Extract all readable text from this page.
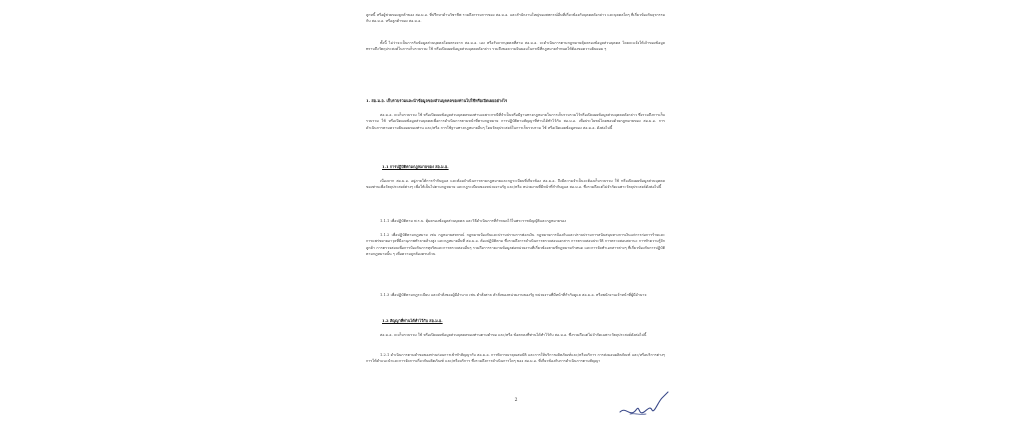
ลูกหนี้ หรือผู้ช่วยของลูกค้าของ สอ.ม.อ. ที่ปรึกษาด้านวิชาชีพ รวมถึงกรรมการของ สอ.ม.อ. และสำนักงานใหญ่ของสหกรณ์อื่นที่เกี่ยวข้องกับบุคคลดังกล่าว และบุคคลใดๆ ที่เกี่ยวข้องกับธุรกรรมกับ สอ.ม.อ. หรือลูกค้าของ สอ.ม.อ.
ทั้งนี้ ไม่ว่าจะเป็นการรับข้อมูลส่วนบุคคลโดยตรงจาก สอ.ม.อ. เอง หรือรับจากบุคคลที่สาม สอ.ม.อ. จะดำเนินการตามกฎหมายคุ้มครองข้อมูลส่วนบุคคล โดยจะแจ้งให้เจ้าของข้อมูลทราบถึงวัตถุประสงค์ในการเก็บรวบรวม ใช้ หรือเปิดเผยข้อมูลส่วนบุคคลดังกล่าว รวมถึงขอความยินยอมในกรณีที่กฎหมายกำหนดให้ต้องขอความยินยอม ๆ
1. สอ.ม.อ. เก็บรวบรวมและนำข้อมูลของส่วนบุคคลของท่านไปใช้หรือเปิดเผยอย่างไร
สอ.ม.อ. จะเก็บรวบรวม ใช้ หรือเปิดเผยข้อมูลส่วนบุคคลของท่านเฉพาะกรณีที่จำเป็นหรือมีฐานทางกฎหมายในการเก็บรวบรวมไว้หรือเปิดเผยข้อมูลส่วนบุคคลดังกล่าว ซึ่งรวมถึงการเก็บรวบรวม ใช้ หรือเปิดเผยข้อมูลส่วนบุคคลเพื่อการดำเนินการตามหน้าที่ตามกฎหมาย การปฏิบัติตามสัญญาที่ท่านได้ทำไว้กับ สอ.ม.อ. เพื่อประโยชน์โดยชอบด้วยกฎหมายของ สอ.ม.อ. การดำเนินการตามความยินยอมของท่าน และ/หรือ การใช้ฐานทางกฎหมายอื่นๆ โดยวัตถุประสงค์ในการเก็บรวบรวม ใช้ หรือเปิดเผยข้อมูลของ สอ.ม.อ. ดังต่อไปนี้
1.1 การปฏิบัติตามกฎหมายของ สอ.ม.อ.
เนื่องจาก สอ.ม.อ. อยู่ภายใต้การกำกับดูแล และต้องดำเนินการตามกฎหมายและกฎระเบียบที่เกี่ยวข้อง สอ.ม.อ. จึงมีความจำเป็นจะต้องเก็บรวบรวม ใช้ หรือเปิดเผยข้อมูลส่วนบุคคลของท่านเพื่อวัตถุประสงค์ต่างๆ เพื่อให้เป็นไปตามกฎหมาย และกฎระเบียบของหน่วยงานรัฐ และ/หรือ หน่วยงานที่มีหน้าที่กำกับดูแล สอ.ม.อ. ซึ่งรวมถึงแต่ไม่จำกัดเฉพาะวัตถุประสงค์ดังต่อไปนี้
1.1.1 เพื่อปฏิบัติตาม พ.ร.บ. คุ้มครองข้อมูลส่วนบุคคล และวิธีดำเนินการที่กำหนดไว้ในพระราชบัญญัติและกฎหมายรอง
1.1.2 เพื่อปฏิบัติตามกฎหมาย เช่น กฎหมายสหกรณ์ กฎหมายป้องกันและปราบปรามการฟอกเงิน กฎหมายการป้องกันและปราบปรามการสนับสนุนทางการเงินแก่การก่อการร้ายและการแพร่ขยายอาวุธที่มีอานุภาพทำลายล้างสูง และกฎหมายอื่นที่ สอ.ม.อ. ต้องปฏิบัติตาม ซึ่งรวมถึงการดำเนินการตรวจสอบเอกสาร การตรวจสอบประวัติ การตรวจสอบสถานะ การทำความรู้จักลูกค้า การตรวจสอบเพื่อการป้องกันการทุจริตและการตรวจสอบอื่นๆ รวมถึงการรายงานข้อมูลต่อหน่วยงานที่เกี่ยวข้องตามที่กฎหมายกำหนด และการจัดทำเอกสารต่างๆ ที่เกี่ยวข้องกับการปฏิบัติตามกฎหมายนั้น ๆ เพื่อความถูกต้องครบถ้วน
1.1.3 เพื่อปฏิบัติตามกฎระเบียบ และคำสั่งของผู้มีอำนาจ เช่น คำสั่งศาล คำสั่งของหน่วยงานของรัฐ หน่วยงานที่มีหน้าที่กำกับดูแล สอ.ม.อ. หรือพนักงานเจ้าหน้าที่ผู้มีอำนาจ
1.2 สัญญาที่ท่านได้ทำไว้กับ สอ.ม.อ.
สอ.ม.อ. จะเก็บรวบรวม ใช้ หรือเปิดเผยข้อมูลส่วนบุคคลของท่านตามคำขอ และ/หรือ ข้อตกลงที่ท่านได้ทำไว้กับ สอ.ม.อ. ซึ่งรวมถึงแต่ไม่จำกัดเฉพาะวัตถุประสงค์ดังต่อไปนี้
1.2.1 ดำเนินการตามคำขอของท่านก่อนการเข้าทำสัญญากับ สอ.ม.อ. การพิจารณาคุณสมบัติ และการให้บริการผลิตภัณฑ์และ/หรือบริการ การส่งมอบผลิตภัณฑ์ และ/หรือบริการต่างๆ การให้คำแนะนำและการจัดการเกี่ยวกับผลิตภัณฑ์ และ/หรือบริการ ซึ่งรวมถึงการดำเนินการใดๆ ของ สอ.ม.อ. ที่เกี่ยวข้องกับการดำเนินการตามสัญญา
2
